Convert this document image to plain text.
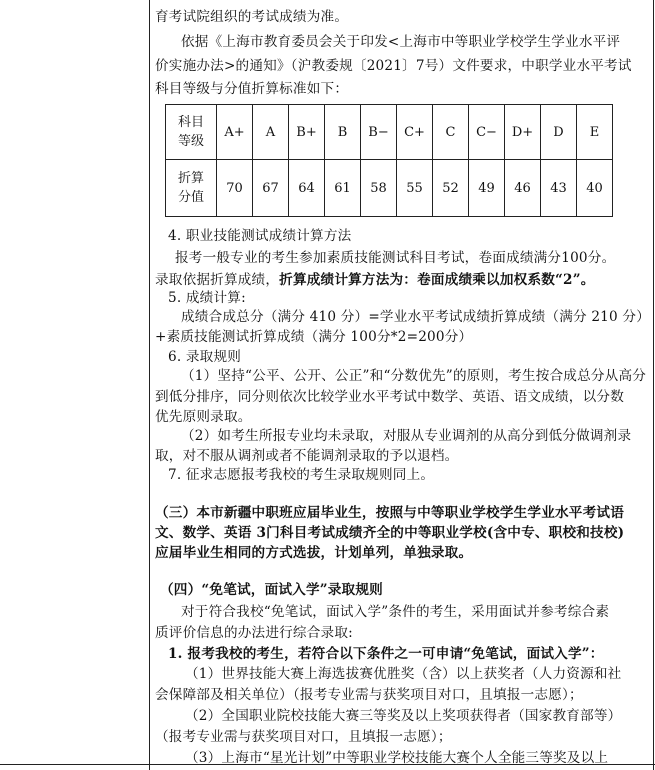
育考试院组织的考试成绩为准。
依据《上海市教育委员会关于印发<上海市中等职业学校学生学业水平评
价实施办法>的通知》（沪教委规〔2021〕7号）文件要求，中职学业水平考试
科目等级与分值折算标准如下：
科目
等级	A+	A	B+	B	B−	C+	C	C−	D+	D	E

折算
分值	70	67	64	61	58	55	52	49	46	43	40
4. 职业技能测试成绩计算方法
报考一般专业的考生参加素质技能测试科目考试，卷面成绩满分100分。
录取依据折算成绩，折算成绩计算方法为：卷面成绩乘以加权系数“2”。
5. 成绩计算:
成绩合成总分（满分 410 分）=学业水平考试成绩折算成绩（满分 210 分）
+素质技能测试折算成绩（满分 100分*2=200分）
6. 录取规则
（1）坚持“公平、公开、公正”和“分数优先”的原则，考生按合成总分从高分
到低分排序，同分则依次比较学业水平考试中数学、英语、语文成绩，以分数
优先原则录取。
（2）如考生所报专业均未录取，对服从专业调剂的从高分到低分做调剂录
取，对不服从调剂或者不能调剂录取的予以退档。
7. 征求志愿报考我校的考生录取规则同上。
（三）本市新疆中职班应届毕业生，按照与中等职业学校学生学业水平考试语
文、数学、英语 3门科目考试成绩齐全的中等职业学校(含中专、职校和技校)
应届毕业生相同的方式选拔，计划单列，单独录取。
（四）“免笔试，面试入学”录取规则
对于符合我校“免笔试，面试入学”条件的考生，采用面试并参考综合素
质评价信息的办法进行综合录取:
1. 报考我校的考生，若符合以下条件之一可申请“免笔试，面试入学”：
（1）世界技能大赛上海选拔赛优胜奖（含）以上获奖者（人力资源和社
会保障部及相关单位）（报考专业需与获奖项目对口，且填报一志愿）；
（2）全国职业院校技能大赛三等奖及以上奖项获得者（国家教育部等）
（报考专业需与获奖项目对口，且填报一志愿）；
（3）上海市“星光计划”中等职业学校技能大赛个人全能三等奖及以上
